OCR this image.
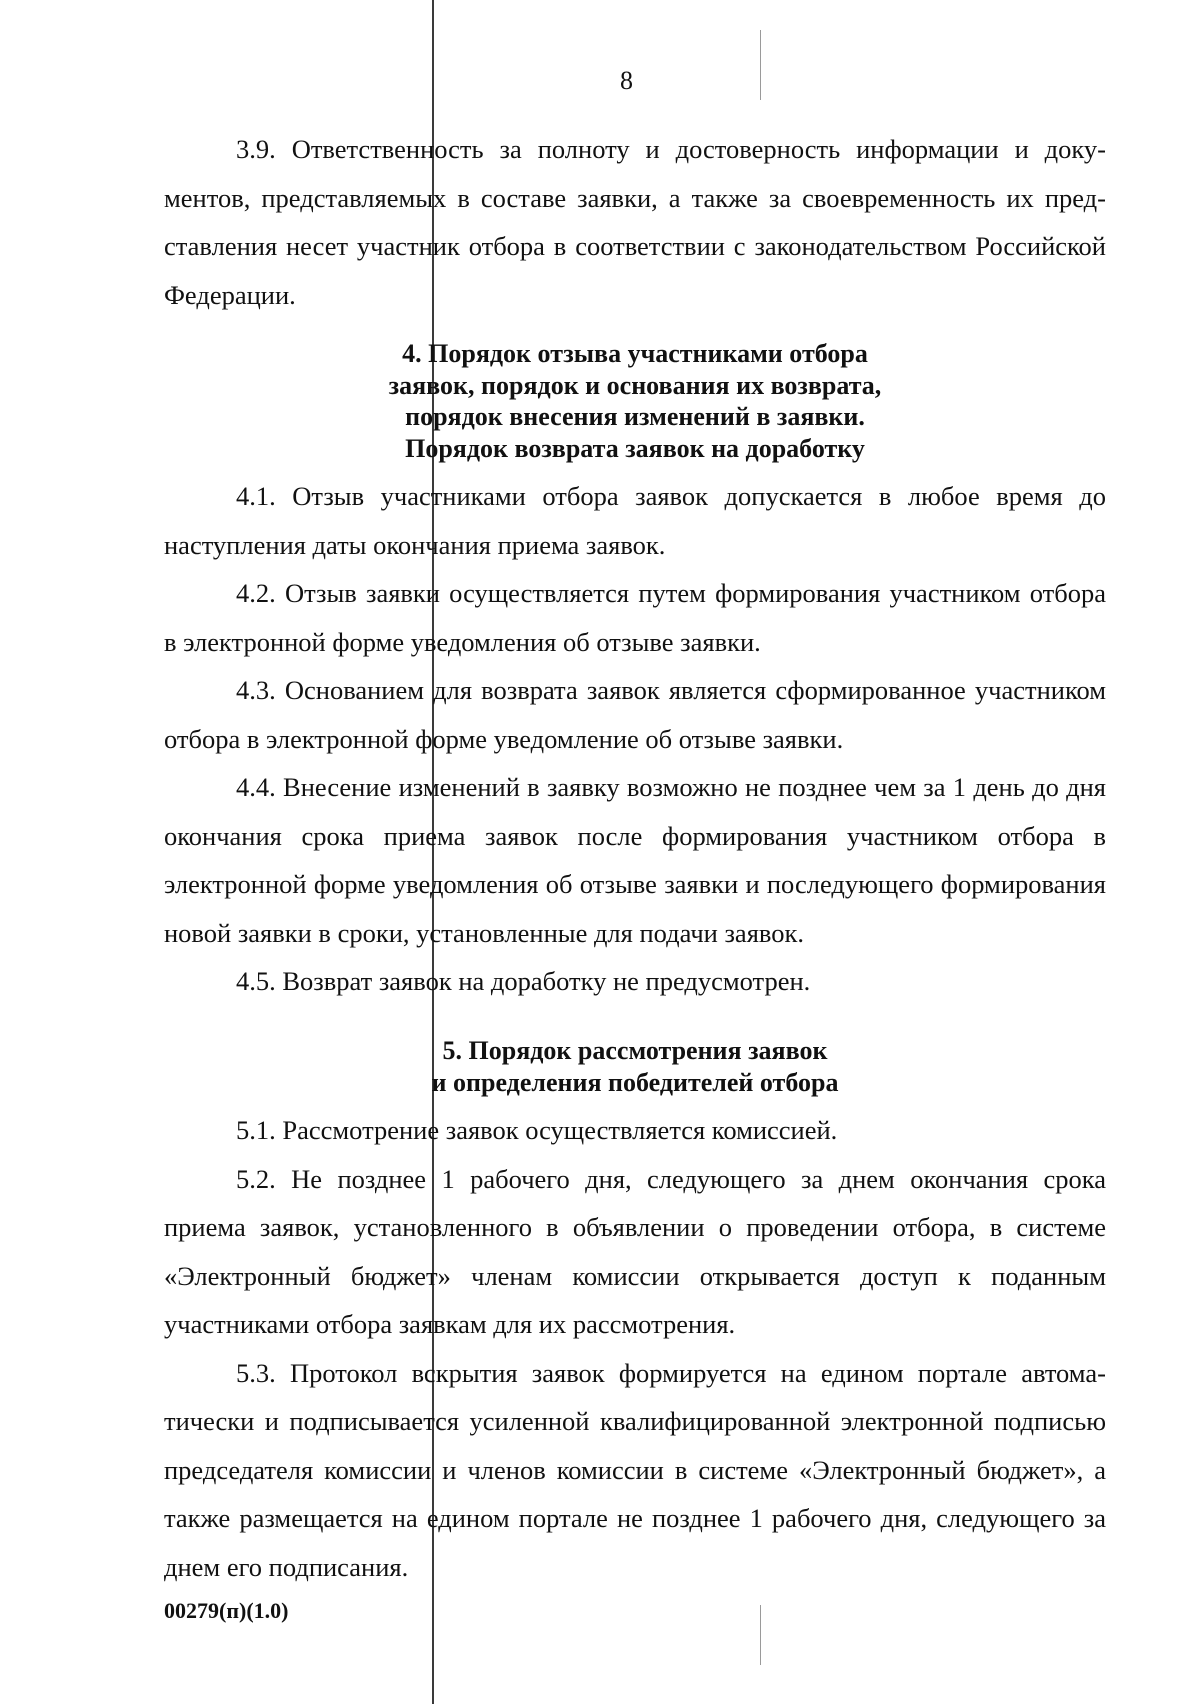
8

3.9. Ответственность за полноту и достоверность информации и документов, представляемых в составе заявки, а также за своевременность их представления несет участник отбора в соответствии с законодательством Российской Федерации.

4. Порядок отзыва участниками отбора
заявок, порядок и основания их возврата,
порядок внесения изменений в заявки.
Порядок возврата заявок на доработку

4.1. Отзыв участниками отбора заявок допускается в любое время до наступления даты окончания приема заявок.

4.2. Отзыв заявки осуществляется путем формирования участником отбора в электронной форме уведомления об отзыве заявки.

4.3. Основанием для возврата заявок является сформированное участником отбора в электронной форме уведомление об отзыве заявки.

4.4. Внесение изменений в заявку возможно не позднее чем за 1 день до дня окончания срока приема заявок после формирования участником отбора в электронной форме уведомления об отзыве заявки и последующего формирования новой заявки в сроки, установленные для подачи заявок.

4.5. Возврат заявок на доработку не предусмотрен.

5. Порядок рассмотрения заявок
и определения победителей отбора

5.1. Рассмотрение заявок осуществляется комиссией.

5.2. Не позднее 1 рабочего дня, следующего за днем окончания срока приема заявок, установленного в объявлении о проведении отбора, в системе «Электронный бюджет» членам комиссии открывается доступ к поданным участниками отбора заявкам для их рассмотрения.

5.3. Протокол вскрытия заявок формируется на едином портале автоматически и подписывается усиленной квалифицированной электронной подписью председателя комиссии и членов комиссии в системе «Электронный бюджет», а также размещается на едином портале не позднее 1 рабочего дня, следующего за днем его подписания.

00279(п)(1.0)
